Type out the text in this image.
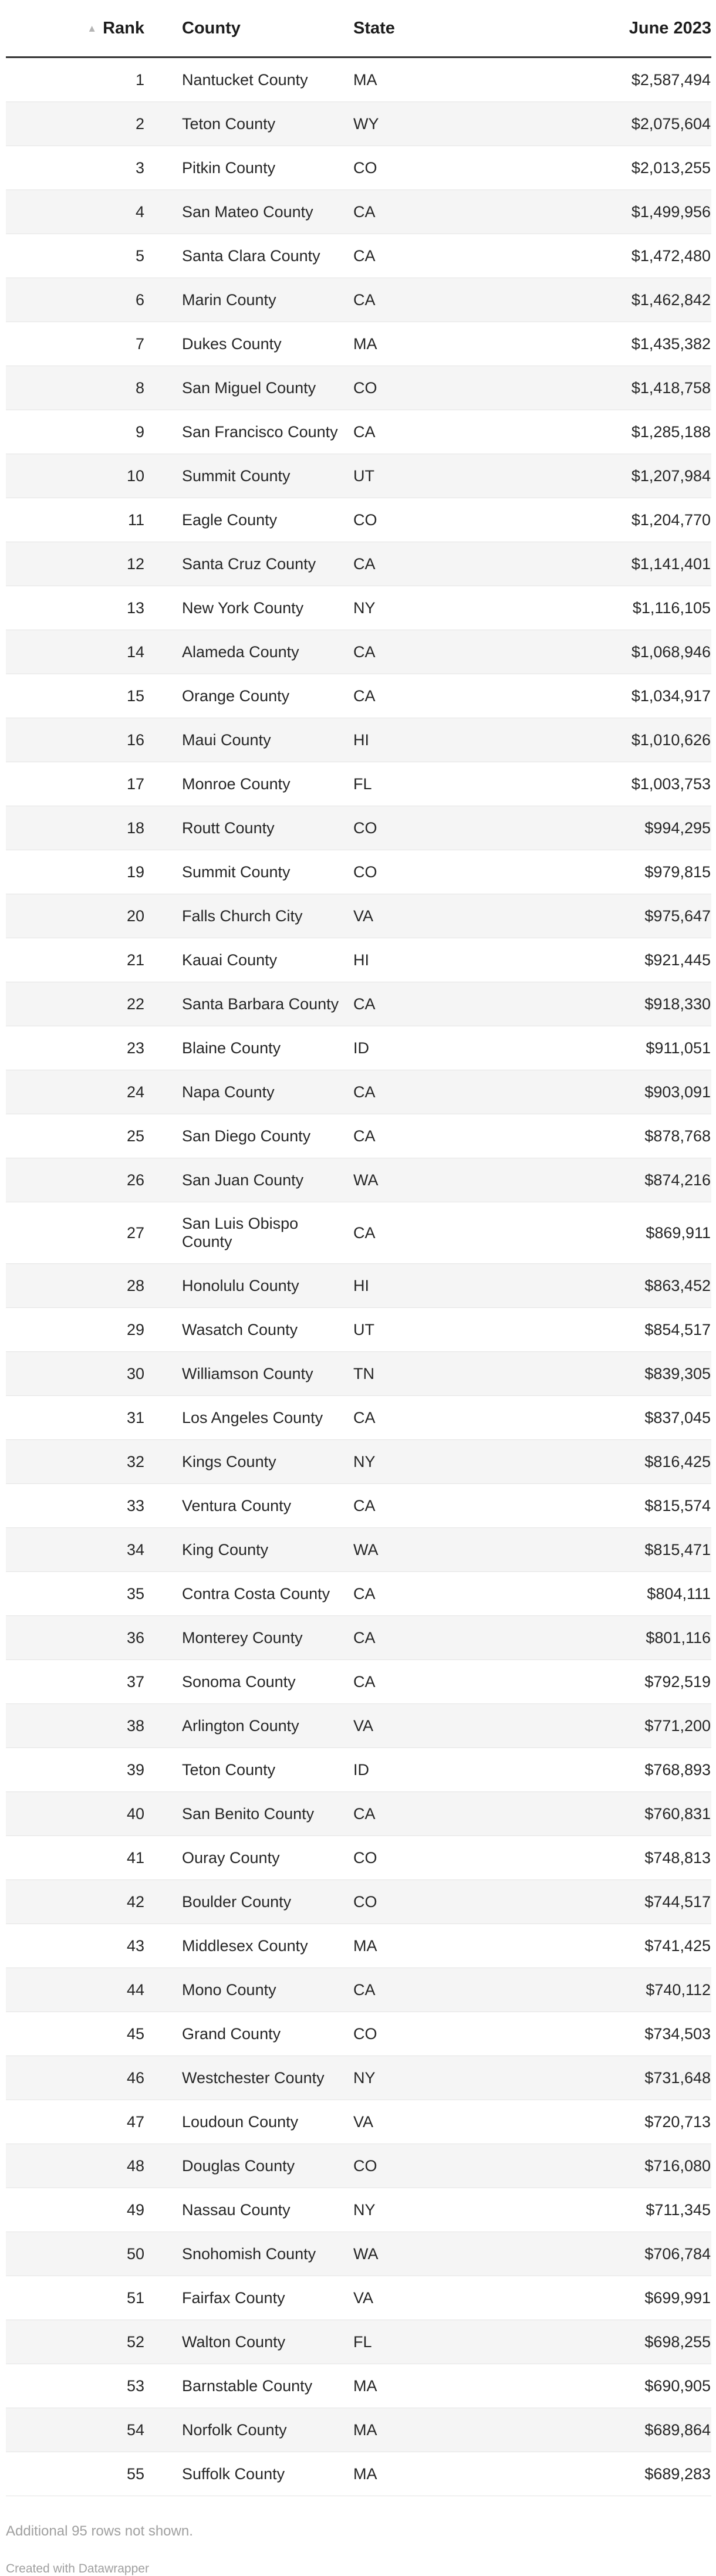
▲ Rank	County	State	June 2023
1	Nantucket County	MA	$2,587,494
2	Teton County	WY	$2,075,604
3	Pitkin County	CO	$2,013,255
4	San Mateo County	CA	$1,499,956
5	Santa Clara County	CA	$1,472,480
6	Marin County	CA	$1,462,842
7	Dukes County	MA	$1,435,382
8	San Miguel County	CO	$1,418,758
9	San Francisco County	CA	$1,285,188
10	Summit County	UT	$1,207,984
11	Eagle County	CO	$1,204,770
12	Santa Cruz County	CA	$1,141,401
13	New York County	NY	$1,116,105
14	Alameda County	CA	$1,068,946
15	Orange County	CA	$1,034,917
16	Maui County	HI	$1,010,626
17	Monroe County	FL	$1,003,753
18	Routt County	CO	$994,295
19	Summit County	CO	$979,815
20	Falls Church City	VA	$975,647
21	Kauai County	HI	$921,445
22	Santa Barbara County	CA	$918,330
23	Blaine County	ID	$911,051
24	Napa County	CA	$903,091
25	San Diego County	CA	$878,768
26	San Juan County	WA	$874,216
27	San Luis Obispo County	CA	$869,911
28	Honolulu County	HI	$863,452
29	Wasatch County	UT	$854,517
30	Williamson County	TN	$839,305
31	Los Angeles County	CA	$837,045
32	Kings County	NY	$816,425
33	Ventura County	CA	$815,574
34	King County	WA	$815,471
35	Contra Costa County	CA	$804,111
36	Monterey County	CA	$801,116
37	Sonoma County	CA	$792,519
38	Arlington County	VA	$771,200
39	Teton County	ID	$768,893
40	San Benito County	CA	$760,831
41	Ouray County	CO	$748,813
42	Boulder County	CO	$744,517
43	Middlesex County	MA	$741,425
44	Mono County	CA	$740,112
45	Grand County	CO	$734,503
46	Westchester County	NY	$731,648
47	Loudoun County	VA	$720,713
48	Douglas County	CO	$716,080
49	Nassau County	NY	$711,345
50	Snohomish County	WA	$706,784
51	Fairfax County	VA	$699,991
52	Walton County	FL	$698,255
53	Barnstable County	MA	$690,905
54	Norfolk County	MA	$689,864
55	Suffolk County	MA	$689,283
Additional 95 rows not shown.
Created with Datawrapper
